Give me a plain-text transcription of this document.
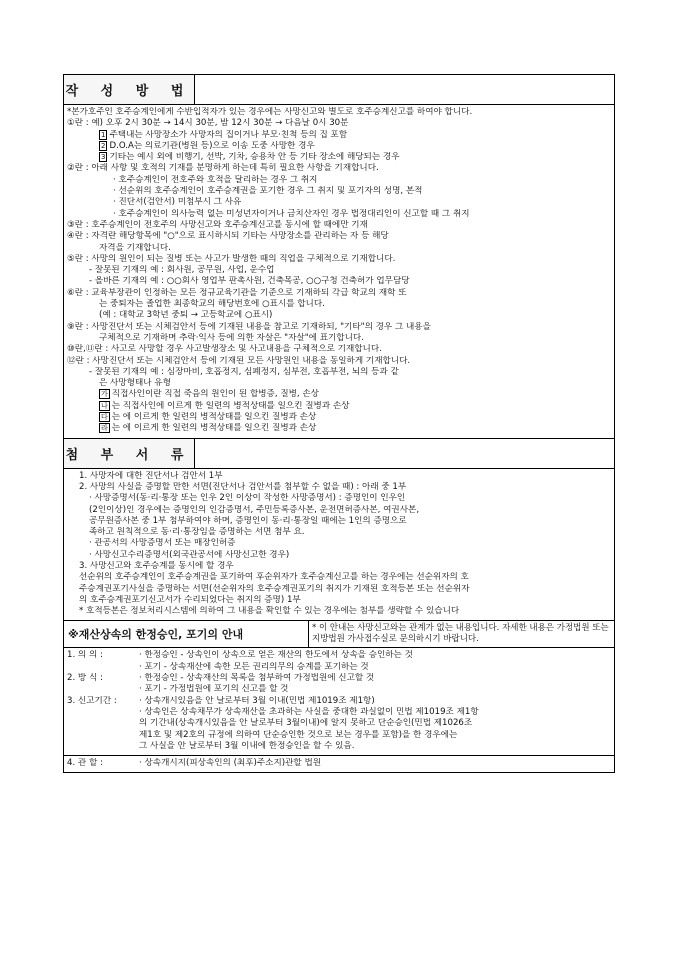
작 성 방 법

*본가호주인 호주승계인에게 수반입적자가 있는 경우에는 사망신고와 별도로 호주승계신고를 하여야 합니다.

①란 : 예) 오후 2시 30분 → 14시 30분, 밤 12시 30분 → 다음날 0시 30분

1 주택내는 사망장소가 사망자의 집이거나 부모·친척 등의 집 포함

2 D.O.A는 의료기관(병원 등)으로 이송 도중 사망한 경우

3 기타는 예시 외에 비행기, 선박, 기차, 승용차 안 등 기타 장소에 해당되는 경우

②란 : 아래 사항 및 호적의 기재를 분명하게 하는데 특히 필요한 사항을 기재합니다.

· 호주승계인이 전호주와 호적을 달리하는 경우 그 취지

· 선순위의 호주승계인이 호주승계권을 포기한 경우 그 취지 및 포기자의 성명, 본적

· 진단서(검안서) 미첨부시 그 사유

· 호주승계인이 의사능력 없는 미성년자이거나 금치산자인 경우 법정대리인이 신고할 때 그 취지

③란 : 호주승계인이 전호주의 사망신고와 호주승계신고를 동시에 할 때에만 기재

④란 : 자격란 해당항목에 "○"으로 표시하시되 기타는 사망장소를 관리하는 자 등 해당

자격을 기재합니다.

⑤란 : 사망의 원인이 되는 질병 또는 사고가 발생한 때의 직업을 구체적으로 기재합니다.

- 잘못된 기재의 예 : 회사원, 공무원, 사업, 운수업

- 올바른 기재의 예 : ○○회사 영업부 판촉사원, 건축목공, ○○구청 건축허가 업무담당

⑥란 : 교육부장관이 인정하는 모든 정규교육기관을 기준으로 기재하되 각급 학교의 재학 또

는 중퇴자는 졸업한 최종학교의 해당번호에 ○표시를 합니다.

(예 : 대학교 3학년 중퇴 → 고등학교에 ○표시)

⑨란 : 사망진단서 또는 시체검안서 등에 기재된 내용을 참고로 기재하되, "기타"의 경우 그 내용을

구체적으로 기재하며 추락·익사 등에 의한 자살은 "자살"에 표기합니다.

⑩란,⑪란 : 사고로 사망할 경우 사고발생장소 및 사고내용을 구체적으로 기재합니다.

⑫란 : 사망진단서 또는 시체검안서 등에 기재된 모든 사망원인 내용을 동일하게 기재합니다.

- 잘못된 기재의 예 : 심장마비, 호흡정지, 심폐정지, 심부전, 호흡부전, 뇌의 등과 같

은 사망형태나 유형

가 직접사인이란 직접 죽음의 원인이 된 합병증, 질병, 손상

나 는 직접사인에 이르게 한 일련의 병적상태를 일으킨 질병과 손상

다 는 에 이르게 한 일련의 병적상태를 일으킨 질병과 손상

라 는 에 이르게 한 일련의 병적상태를 일으킨 질병과 손상

첨 부 서 류

1. 사망자에 대한 진단서나 검안서 1부

2. 사망의 사실을 증명할 만한 서면(진단서나 검안서를 첨부할 수 없을 때) : 아래 중 1부

· 사망증명서(동·리·통장 또는 인우 2인 이상이 작성한 사망증명서) : 증명인이 인우인

(2인이상)인 경우에는 증명인의 인감증명서, 주민등록증사본, 운전면허증사본, 여권사본,

공무원증사본 중 1부 첨부하여야 하며, 증명인이 동·리·통장일 때에는 1인의 증명으로

족하고 원칙적으로 동·리·통장임을 증명하는 서면 첨부 요.

· 관공서의 사망증명서 또는 매장인허증

· 사망신고수리증명서(외국관공서에 사망신고한 경우)

3. 사망신고와 호주승계를 동시에 할 경우

선순위의 호주승계인이 호주승계권을 포기하여 후순위자가 호주승계신고를 하는 경우에는 선순위자의 호

주승계권포기사실을 증명하는 서면(선순위자의 호주승계권포기의 취지가 기재된 호적등본 또는 선순위자

의 호주승계권포기신고서가 수리되었다는 취지의 증명) 1부

* 호적등본은 정보처리시스템에 의하여 그 내용을 확인할 수 있는 경우에는 첨부를 생략할 수 있습니다

※재산상속의 한정승인, 포기의 안내	* 이 안내는 사망신고와는 관계가 없는 내용입니다. 자세한 내용은 가정법원 또는 지방법원 가사접수실로 문의하시기 바랍니다.

1. 의 의 :	· 한정승인 - 상속인이 상속으로 얻은 재산의 한도에서 상속을 승인하는 것

· 포기 - 상속재산에 속한 모든 권리의무의 승계를 포기하는 것

2. 방 식 :	· 한정승인 - 상속재산의 목록을 첨부하여 가정법원에 신고할 것

· 포기 - 가정법원에 포기의 신고를 할 것

3. 신고기간 :	· 상속개시있음을 안 날로부터 3월 이내(민법 제1019조 제1항)

· 상속인은 상속채무가 상속재산을 초과하는 사실을 중대한 과실없이 민법 제1019조 제1항

의 기간내(상속개시있음을 안 날로부터 3월이내)에 알지 못하고 단순승인(민법 제1026조

제1호 및 제2호의 규정에 의하여 단순승인한 것으로 보는 경우를 포함)을 한 경우에는

그 사실을 안 날로부터 3월 이내에 한정승인을 할 수 있음.

4. 관 할 :	· 상속개시지(피상속인의 (최후)주소지)관할 법원
